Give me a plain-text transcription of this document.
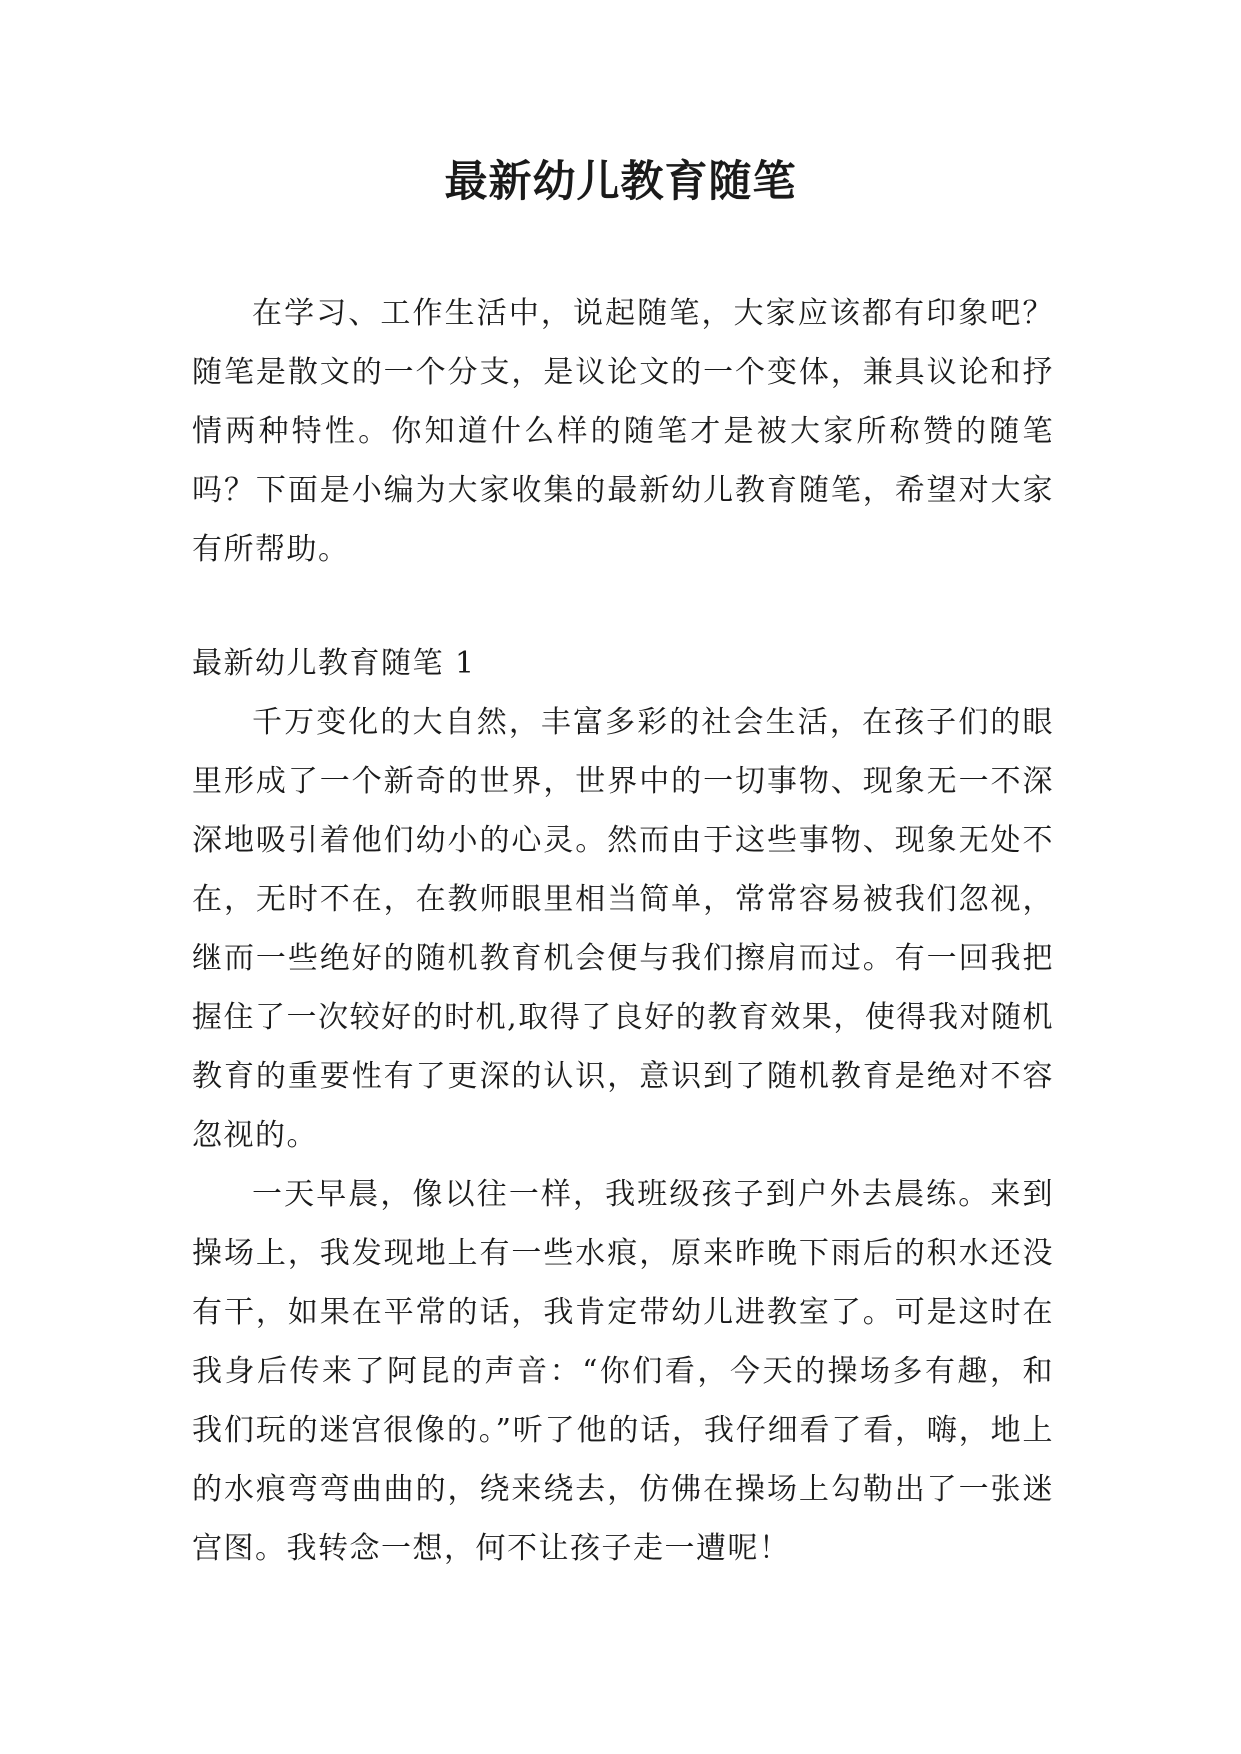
最新幼儿教育随笔

在学习、工作生活中，说起随笔，大家应该都有印象吧？随笔是散文的一个分支，是议论文的一个变体，兼具议论和抒情两种特性。你知道什么样的随笔才是被大家所称赞的随笔吗？下面是小编为大家收集的最新幼儿教育随笔，希望对大家有所帮助。

最新幼儿教育随笔 1

千万变化的大自然，丰富多彩的社会生活，在孩子们的眼里形成了一个新奇的世界，世界中的一切事物、现象无一不深深地吸引着他们幼小的心灵。然而由于这些事物、现象无处不在，无时不在，在教师眼里相当简单，常常容易被我们忽视，继而一些绝好的随机教育机会便与我们擦肩而过。有一回我把握住了一次较好的时机,取得了良好的教育效果，使得我对随机教育的重要性有了更深的认识，意识到了随机教育是绝对不容忽视的。

一天早晨，像以往一样，我班级孩子到户外去晨练。来到操场上，我发现地上有一些水痕，原来昨晚下雨后的积水还没有干，如果在平常的话，我肯定带幼儿进教室了。可是这时在我身后传来了阿昆的声音：“你们看，今天的操场多有趣，和我们玩的迷宫很像的。”听了他的话，我仔细看了看，嗨，地上的水痕弯弯曲曲的，绕来绕去，仿佛在操场上勾勒出了一张迷宫图。我转念一想，何不让孩子走一遭呢！
